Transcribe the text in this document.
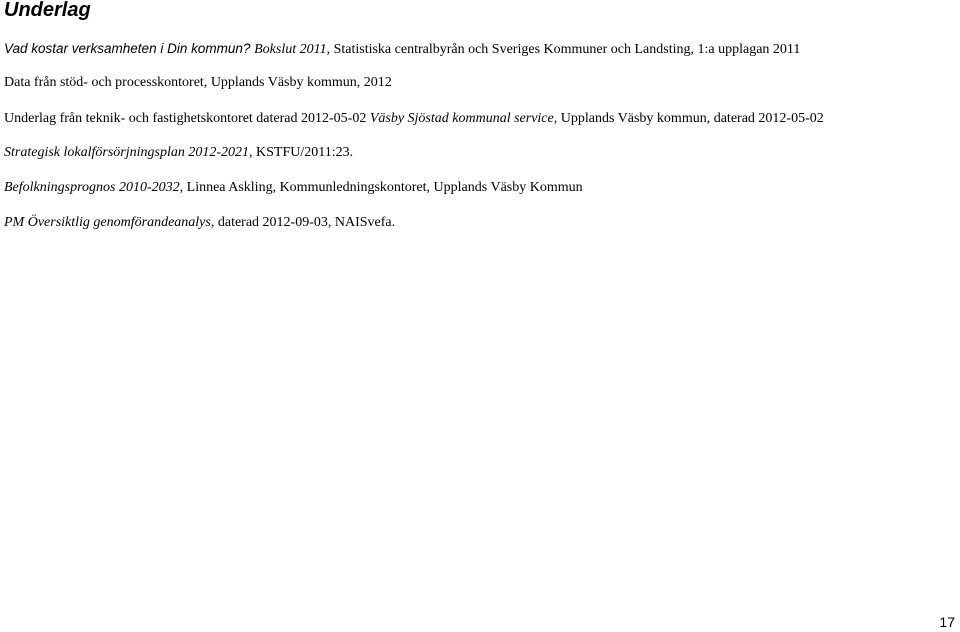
Underlag

Vad kostar verksamheten i Din kommun? Bokslut 2011, Statistiska centralbyrån och Sveriges Kommuner och Landsting, 1:a upplagan 2011

Data från stöd- och processkontoret, Upplands Väsby kommun, 2012

Underlag från teknik- och fastighetskontoret daterad 2012-05-02 Väsby Sjöstad kommunal service, Upplands Väsby kommun, daterad 2012-05-02

Strategisk lokalförsörjningsplan 2012-2021, KSTFU/2011:23.

Befolkningsprognos 2010-2032, Linnea Askling, Kommunledningskontoret, Upplands Väsby Kommun

PM Översiktlig genomförandeanalys, daterad 2012-09-03, NAISvefa.

17
